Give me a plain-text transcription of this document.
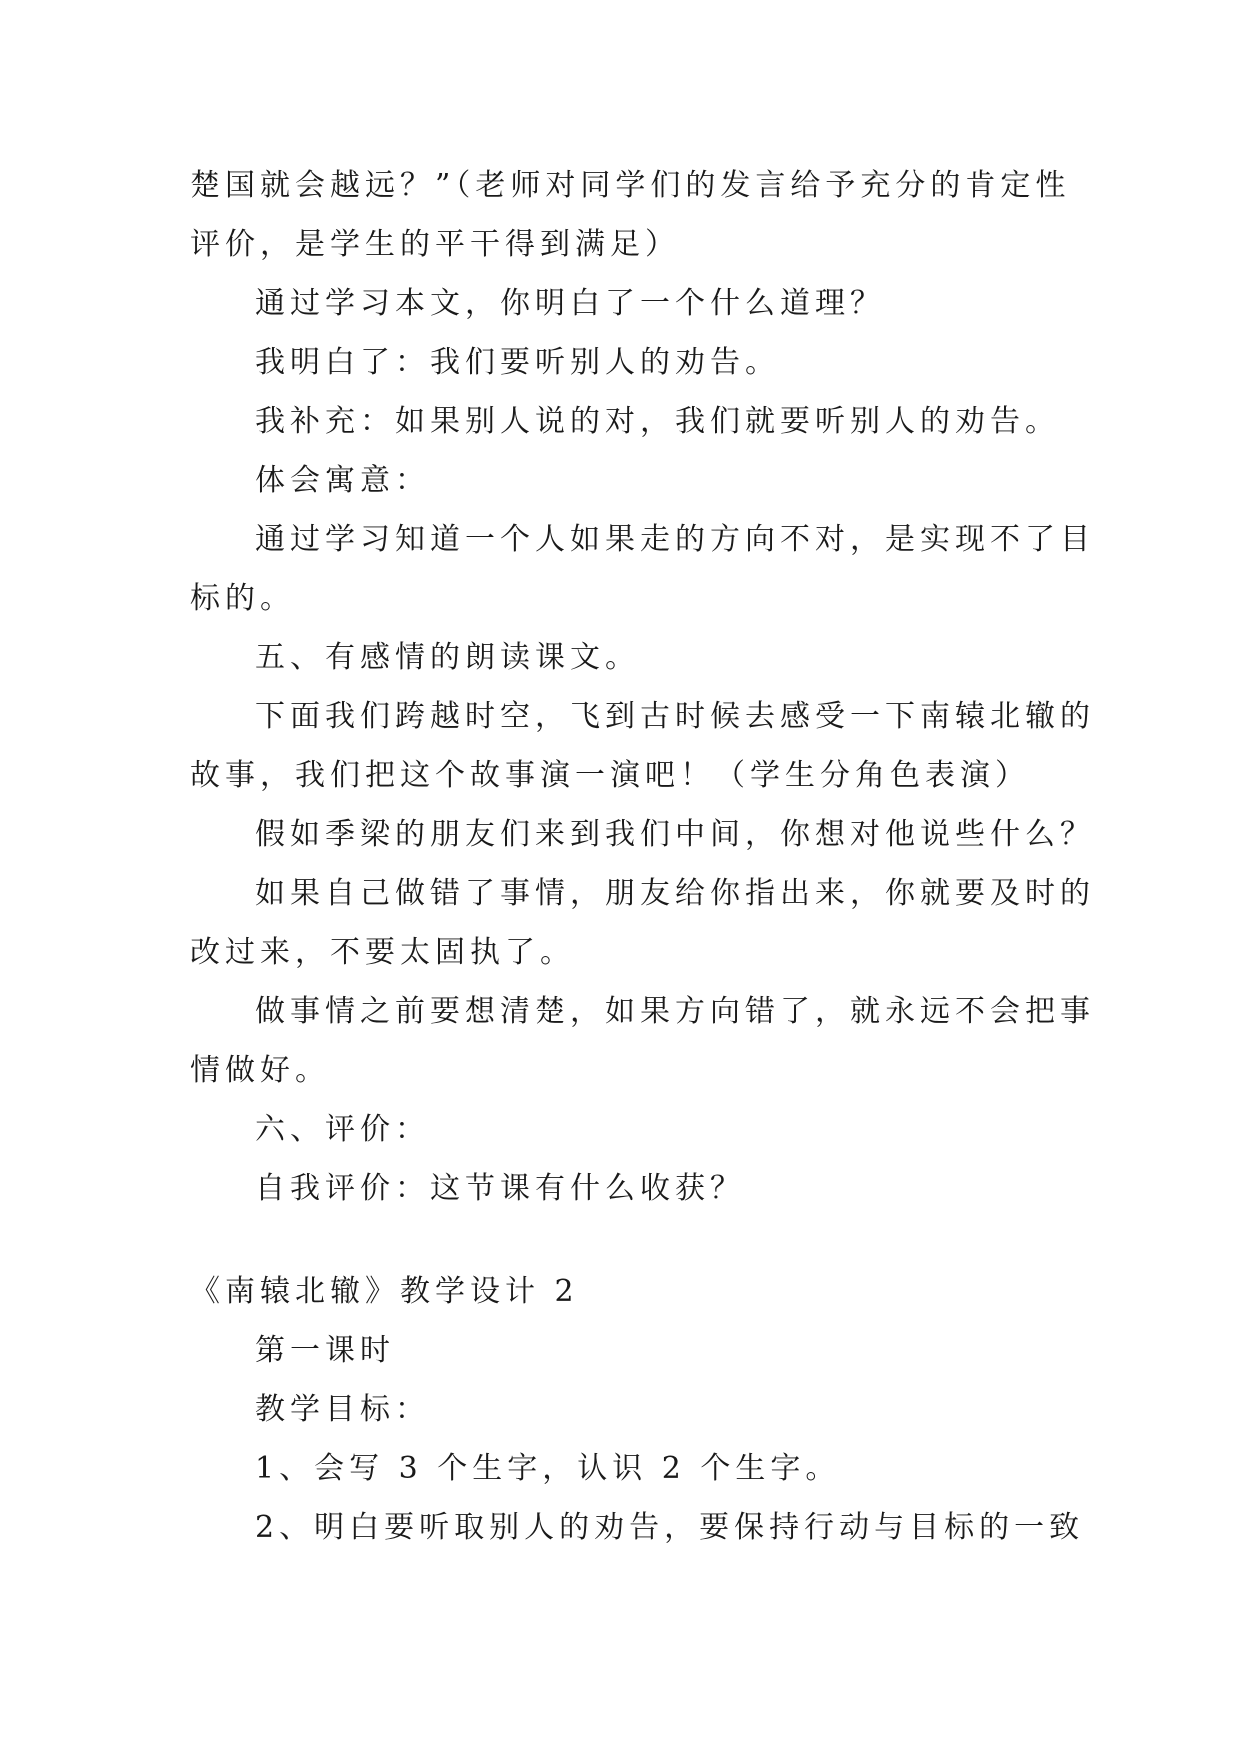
楚国就会越远？”（老师对同学们的发言给予充分的肯定性
评价，是学生的平干得到满足）
通过学习本文，你明白了一个什么道理？
我明白了：我们要听别人的劝告。
我补充：如果别人说的对，我们就要听别人的劝告。
体会寓意：
通过学习知道一个人如果走的方向不对，是实现不了目
标的。
五、有感情的朗读课文。
下面我们跨越时空，飞到古时候去感受一下南辕北辙的
故事，我们把这个故事演一演吧！（学生分角色表演）
假如季梁的朋友们来到我们中间，你想对他说些什么？
如果自己做错了事情，朋友给你指出来，你就要及时的
改过来，不要太固执了。
做事情之前要想清楚，如果方向错了，就永远不会把事
情做好。
六、评价：
自我评价：这节课有什么收获？
《南辕北辙》教学设计 2
第一课时
教学目标：
1、会写 3 个生字，认识 2 个生字。
2、明白要听取别人的劝告，要保持行动与目标的一致
